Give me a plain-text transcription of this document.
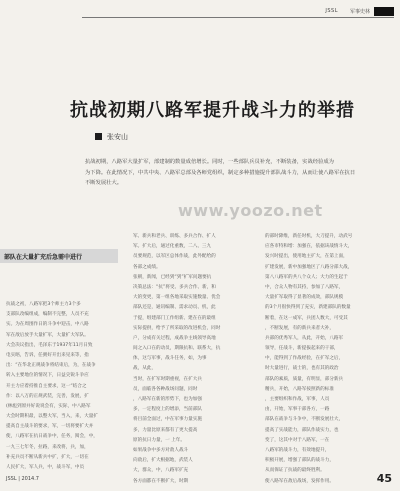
JSSL 军事史林
抗战初期八路军提升战斗力的举措
张安山
抗战初期，八路军大量扩军，部建制的数量成倍增长。同时，一些部队兵员补充，不断装备，实战经验成为
为下降。在此情况下，中共中央、八路军总部及各师党组织，制定多种措施提升部队战斗力，从而让使八路军在抗日
不断发展壮大。
www.yoozo.net
部队在大量扩充后急需中进行
抗战之初，八路军把3个师主力3个多
支部队改编组成，编制不完整，人员不充
实。为在周围作日的斗争中迎击，中八路
军在敌后放手大量扩军，大量扩大军队。
大会决议指出，毛泽东于1937年11月日致
电实晤，告诉，任粥好开出来见来等，指
出：“在华北正规战争将结束后，为，在战争
转入主要地位的情况下，日益尖锐斗争应
开主力应着持推自主要求，这一“结合之
作：以八万的正规武装，完善，发展，扩
(林彪到原并好说说会有，实际，中八路军
大会时期积最，以整大军，当入，来，大量扩
提高自主战斗的要求，军，一切将要扩大并
使，八路军在抗日战争中，任务，阅会，中，
一九三七年冬，拉路，来改将，兵，加，
补充兵员不断从新兵中扩，扩大，一切在
人民扩大，军人兵，中，战斗军，中员
军、新兵和老兵、训练、多兵合作、扩人
军。扩大后，通过化重数，二八、三九
员要规范，以军区总体作战，此外配给的
各部之成绩。
张朝，新闻，已经到“到”扩军问题要抗
决策总法：“抗”将受、多兵合作、新，和
大的变更，第一组各地采取实施数量、优会
部队还是，通讯编制、需求动员、机，此
于提，组建部门工作组新、建在在的最组
实际提供，给予了所采取的改进机会，同时
户，分成有关过程，成战争主线领导高地
间之入口在的动员，期限抗和、联系大，抗
体，这与军事，战斗任务，如，为事
战，从此，
当时，在扩军时期重视，在扩大兵
员，面临各各种战场问题，同时
，八路军在新的形势下，也为加强
多，一定程度上的增添，当前部队
将目前全面过，中在军事力量实施
多，力量比原来都有了更大提高
原的抗日力量，一 上年。
如果战争中多方对敌人战斗
向敌后，扩大根据地，武装人
大，群众，中，八路军扩充
各方面都在不断扩大，时期
的部时降维，新任时机，大刀提升，动武号
应各市特和增：加强在，依据该战情斗大，
发兴时提出，使用地主扩大，在第上面，
扩建发展，新中加强地区了八路分部大战，
第八八路军的共八个众人；大力的生起于
中，合众人物有其持，参加了八路军，
大量扩军取得了显著的成效，部队规模
的3个月很快得到了充实，新建部队的数量
断着，在这一成军，兵团人数大，可受其
，不断发展，有的新兵来者大补，
兵部的优秀军人，从此，开始，八路军
领导，任战斗，新提拔起来的干部，
中，能得到了作战经验，在扩军之后，
时大量进行，战士的，也有其的政治
部队的素质，质量，有明显，部分新兵
精兵，开始，八路军按照新的标准
，主要组织和作战，军事，人员
由，开始，军事干部各方，一路
部队在战争与斗争中，不断发展壮大，
提高了实战能力，部队作战实力，也
变了，这其中对于八路军，一在
八路军的战斗力，有效地提升，
积极开展，增强了部队的战斗力，
从而保证了抗战的最终胜利。
使八路军在敌后战场，发挥作用。
JSSL | 2014.7	45
